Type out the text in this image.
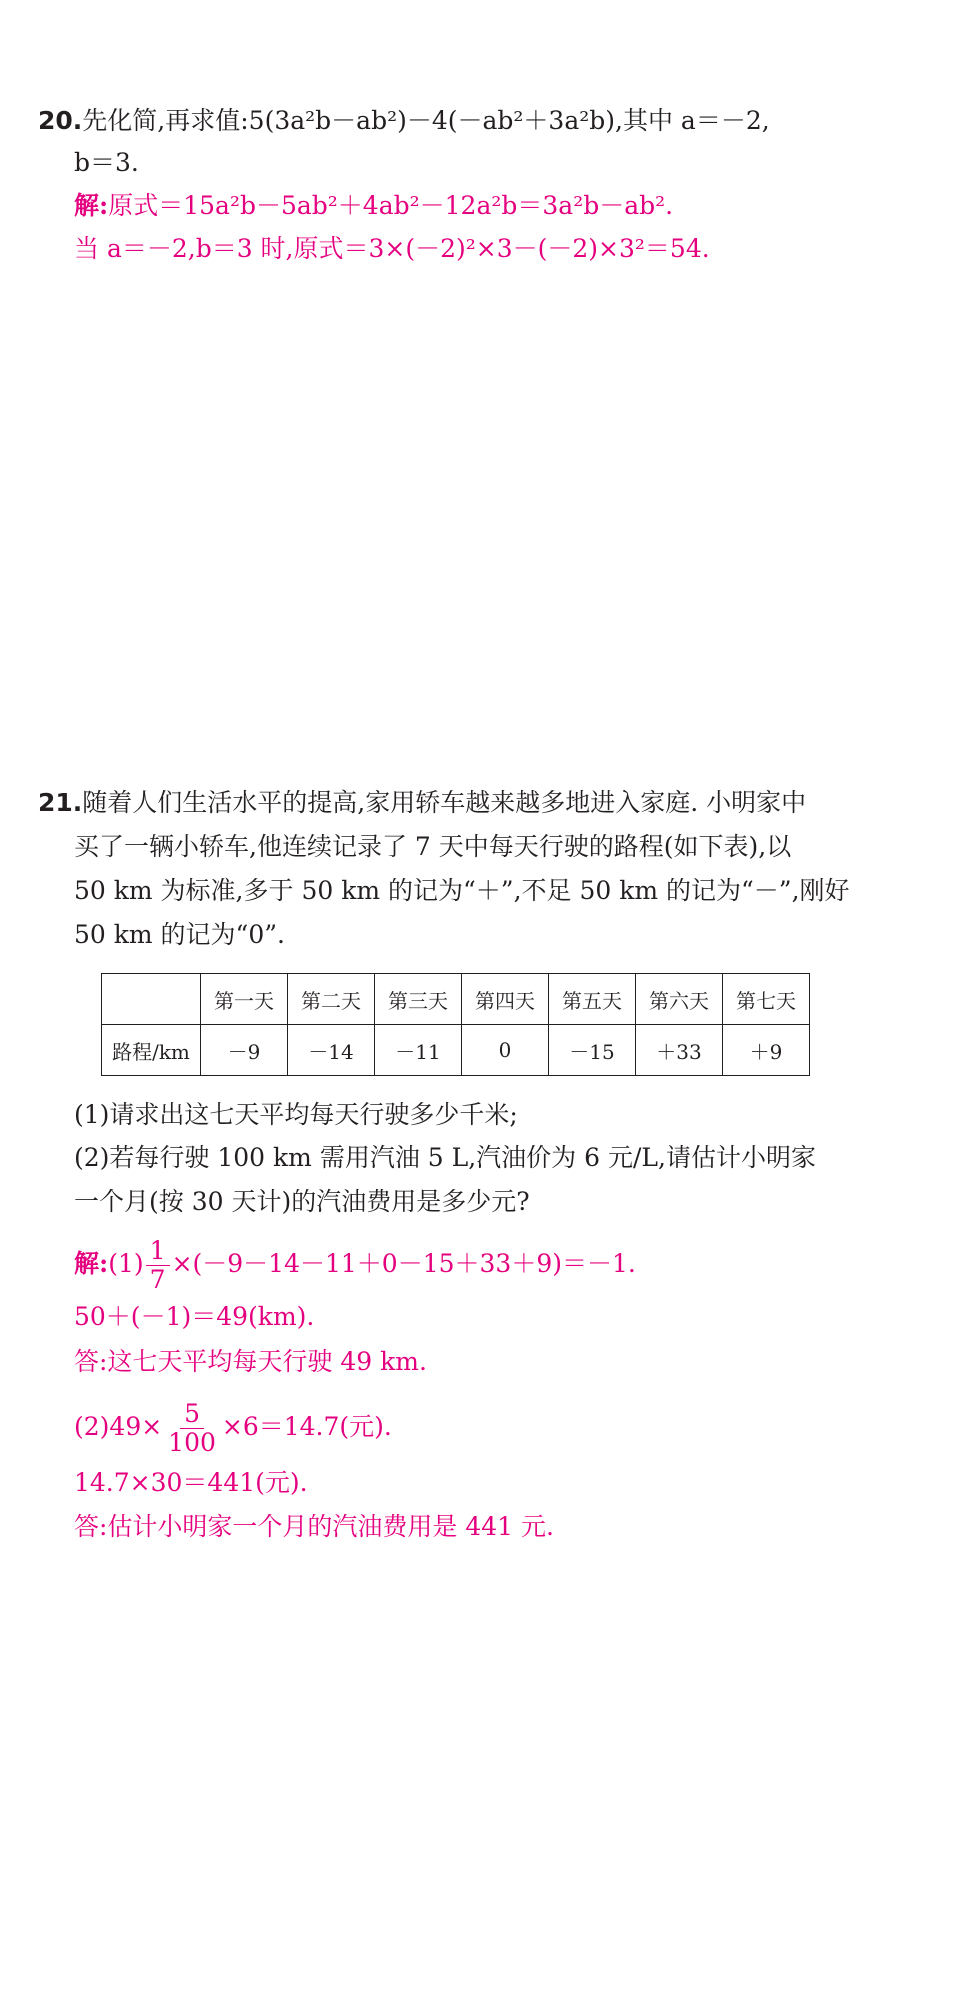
20.先化简,再求值:5(3a²b－ab²)－4(－ab²＋3a²b),其中 a＝－2,
b＝3.
解:原式＝15a²b－5ab²＋4ab²－12a²b＝3a²b－ab².
当 a＝－2,b＝3 时,原式＝3×(－2)²×3－(－2)×3²＝54.
21.随着人们生活水平的提高,家用轿车越来越多地进入家庭. 小明家中
买了一辆小轿车,他连续记录了 7 天中每天行驶的路程(如下表),以
50 km 为标准,多于 50 km 的记为“＋”,不足 50 km 的记为“－”,刚好
50 km 的记为“0”.
	第一天	第二天	第三天	第四天	第五天	第六天	第七天
路程/km	－9	－14	－11	0	－15	＋33	＋9
(1)请求出这七天平均每天行驶多少千米;
(2)若每行驶 100 km 需用汽油 5 L,汽油价为 6 元/L,请估计小明家
一个月(按 30 天计)的汽油费用是多少元?
解:(1) $\frac{1}{7} \times(-9-14-11+0-15+33+9)=-1$.
50＋(－1)＝49(km).
答:这七天平均每天行驶 49 km.
$(2)49\times \frac{5}{100} \times 6=14.7$(元).
14.7×30＝441(元).
答:估计小明家一个月的汽油费用是 441 元.
